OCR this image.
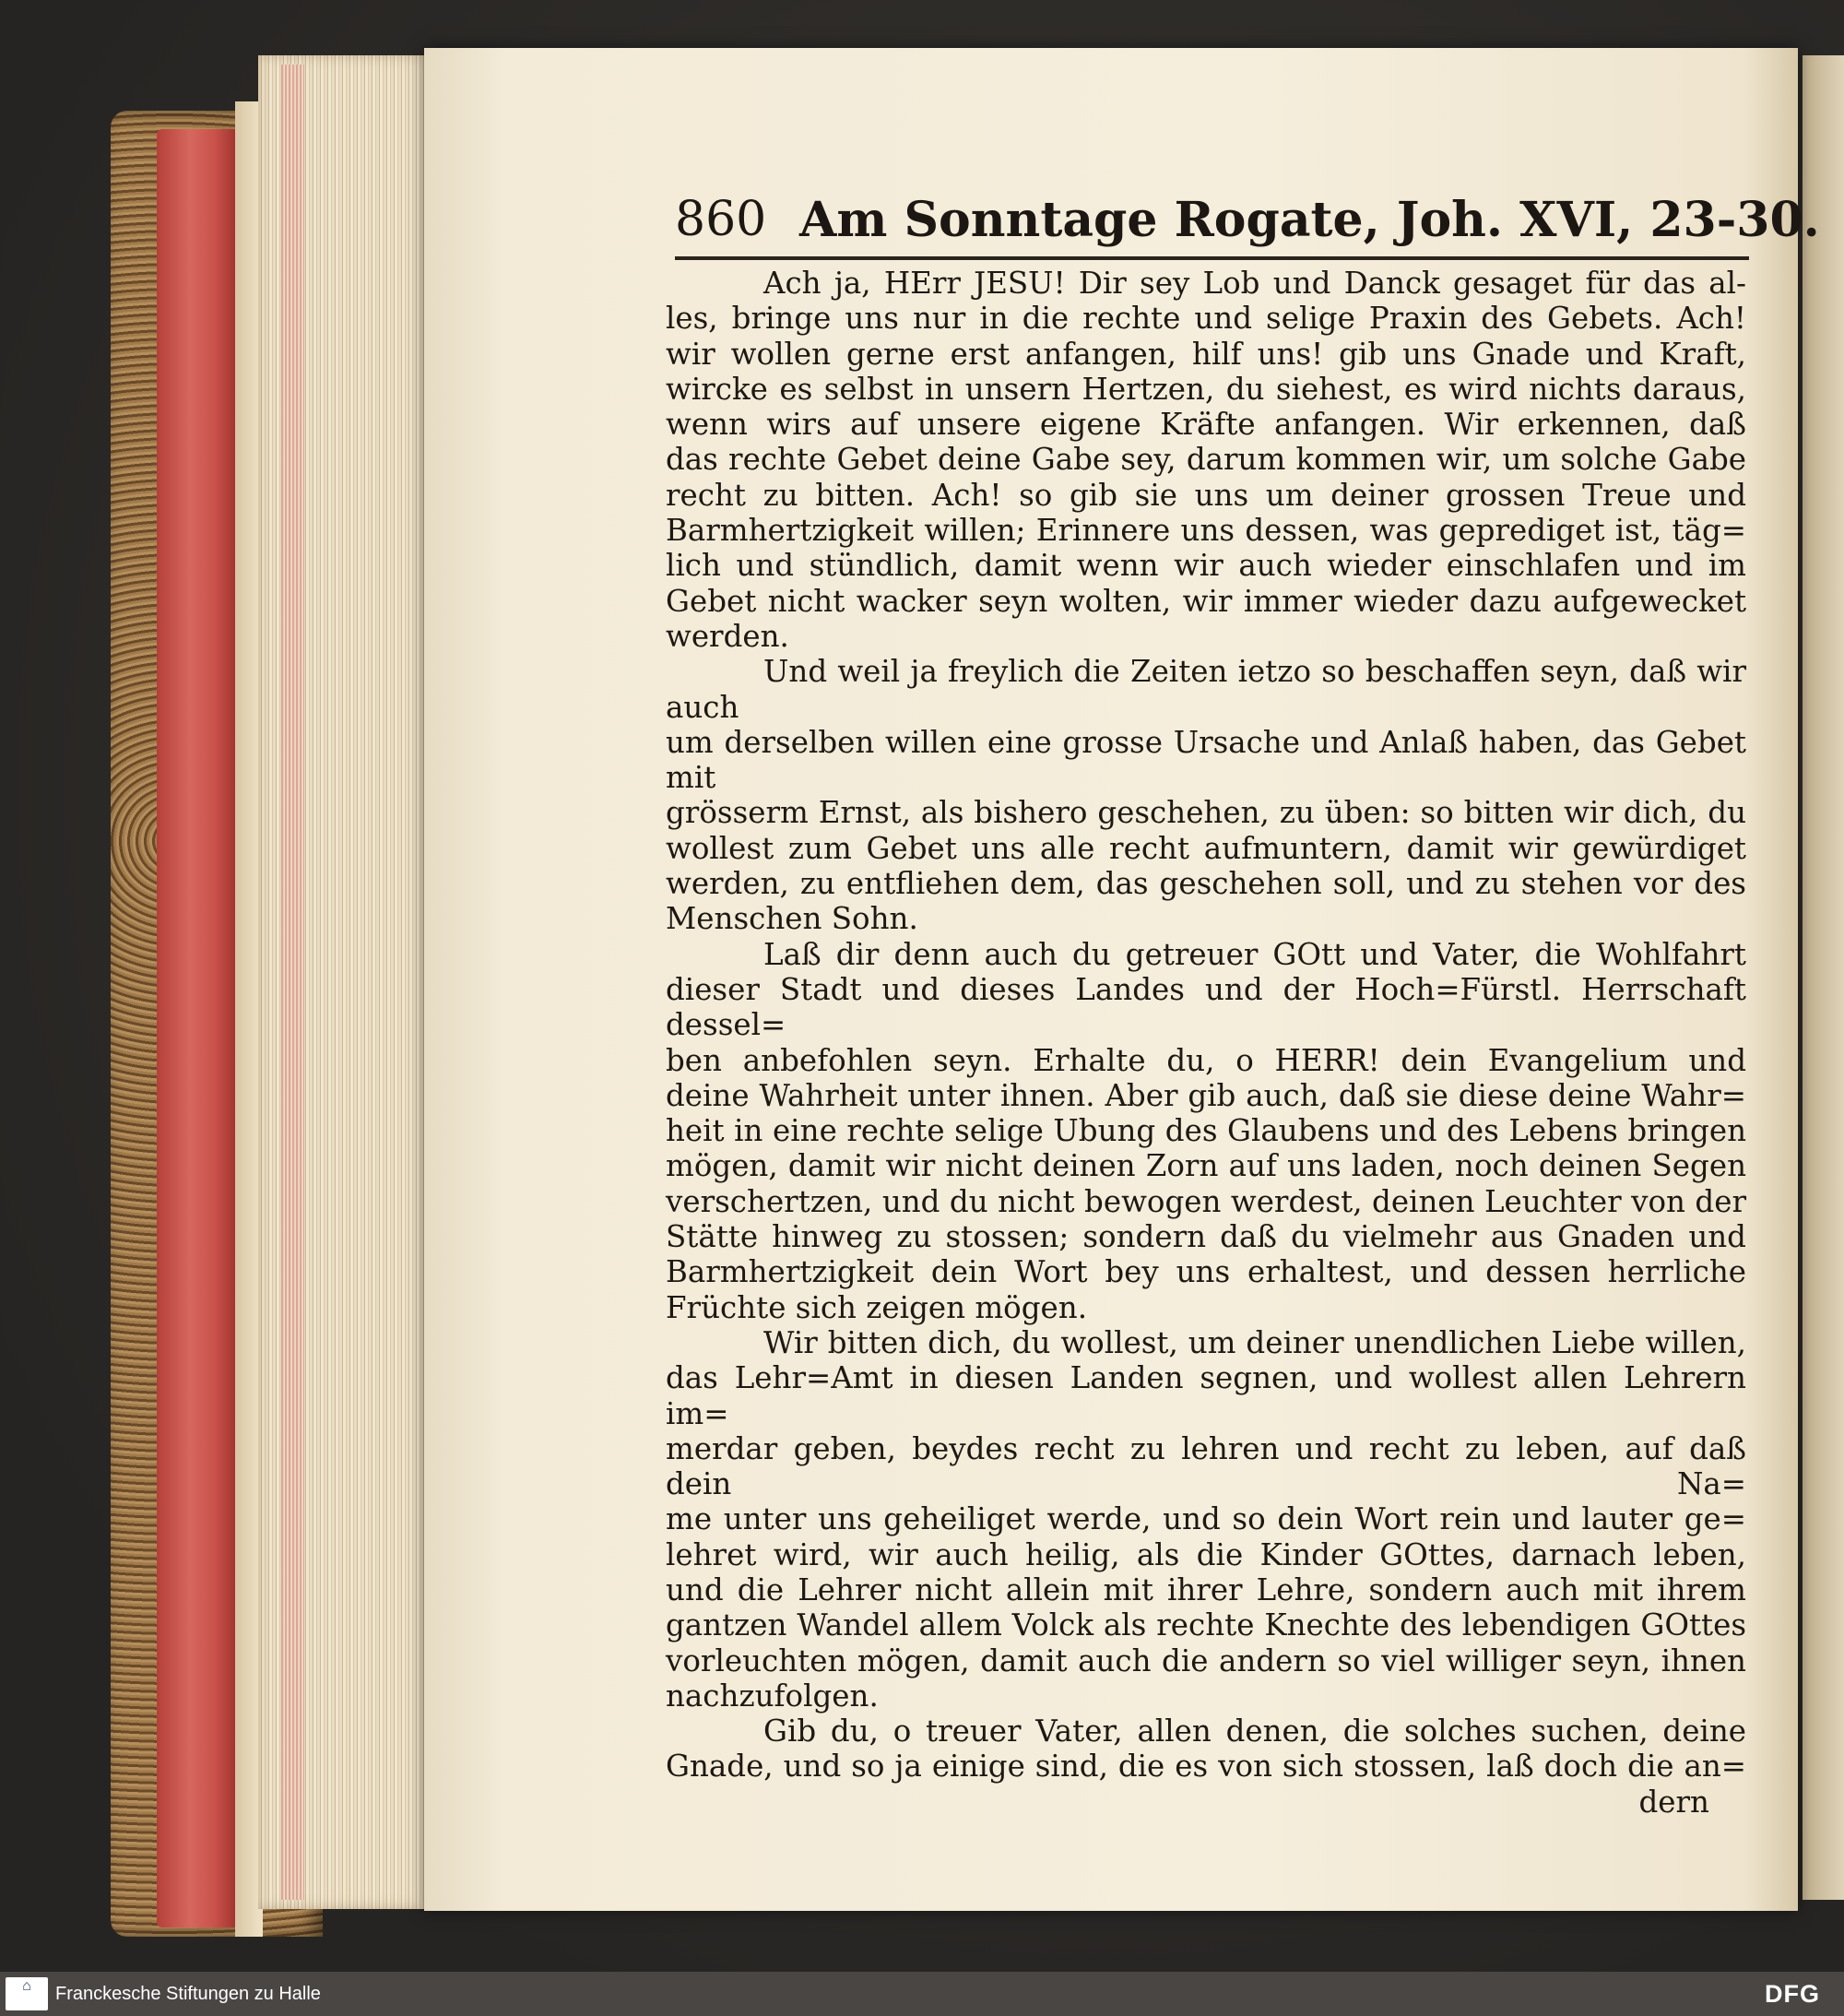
860 Am Sonntage Rogate, Joh. XVI, 23-30.

Ach ja, HErr JESU! Dir sey Lob und Danck gesaget für das al-

les, bringe uns nur in die rechte und selige Praxin des Gebets. Ach!

wir wollen gerne erst anfangen, hilf uns! gib uns Gnade und Kraft,

wircke es selbst in unsern Hertzen, du siehest, es wird nichts daraus,

wenn wirs auf unsere eigene Kräfte anfangen. Wir erkennen, daß

das rechte Gebet deine Gabe sey, darum kommen wir, um solche Gabe

recht zu bitten. Ach! so gib sie uns um deiner grossen Treue und

Barmhertzigkeit willen; Erinnere uns dessen, was geprediget ist, täg=

lich und stündlich, damit wenn wir auch wieder einschlafen und im

Gebet nicht wacker seyn wolten, wir immer wieder dazu aufgewecket

werden.

Und weil ja freylich die Zeiten ietzo so beschaffen seyn, daß wir auch

um derselben willen eine grosse Ursache und Anlaß haben, das Gebet mit

grösserm Ernst, als bishero geschehen, zu üben: so bitten wir dich, du

wollest zum Gebet uns alle recht aufmuntern, damit wir gewürdiget

werden, zu entfliehen dem, das geschehen soll, und zu stehen vor des

Menschen Sohn.

Laß dir denn auch du getreuer GOtt und Vater, die Wohlfahrt

dieser Stadt und dieses Landes und der Hoch=Fürstl. Herrschaft dessel=

ben anbefohlen seyn. Erhalte du, o HERR! dein Evangelium und

deine Wahrheit unter ihnen. Aber gib auch, daß sie diese deine Wahr=

heit in eine rechte selige Ubung des Glaubens und des Lebens bringen

mögen, damit wir nicht deinen Zorn auf uns laden, noch deinen Segen

verschertzen, und du nicht bewogen werdest, deinen Leuchter von der

Stätte hinweg zu stossen; sondern daß du vielmehr aus Gnaden und

Barmhertzigkeit dein Wort bey uns erhaltest, und dessen herrliche

Früchte sich zeigen mögen.

Wir bitten dich, du wollest, um deiner unendlichen Liebe willen,

das Lehr=Amt in diesen Landen segnen, und wollest allen Lehrern im=

merdar geben, beydes recht zu lehren und recht zu leben, auf daß dein Na=

me unter uns geheiliget werde, und so dein Wort rein und lauter ge=

lehret wird, wir auch heilig, als die Kinder GOttes, darnach leben,

und die Lehrer nicht allein mit ihrer Lehre, sondern auch mit ihrem

gantzen Wandel allem Volck als rechte Knechte des lebendigen GOttes

vorleuchten mögen, damit auch die andern so viel williger seyn, ihnen

nachzufolgen.

Gib du, o treuer Vater, allen denen, die solches suchen, deine

Gnade, und so ja einige sind, die es von sich stossen, laß doch die an=

dern

⌂	Franckesche Stiftungen zu Halle	DFG
